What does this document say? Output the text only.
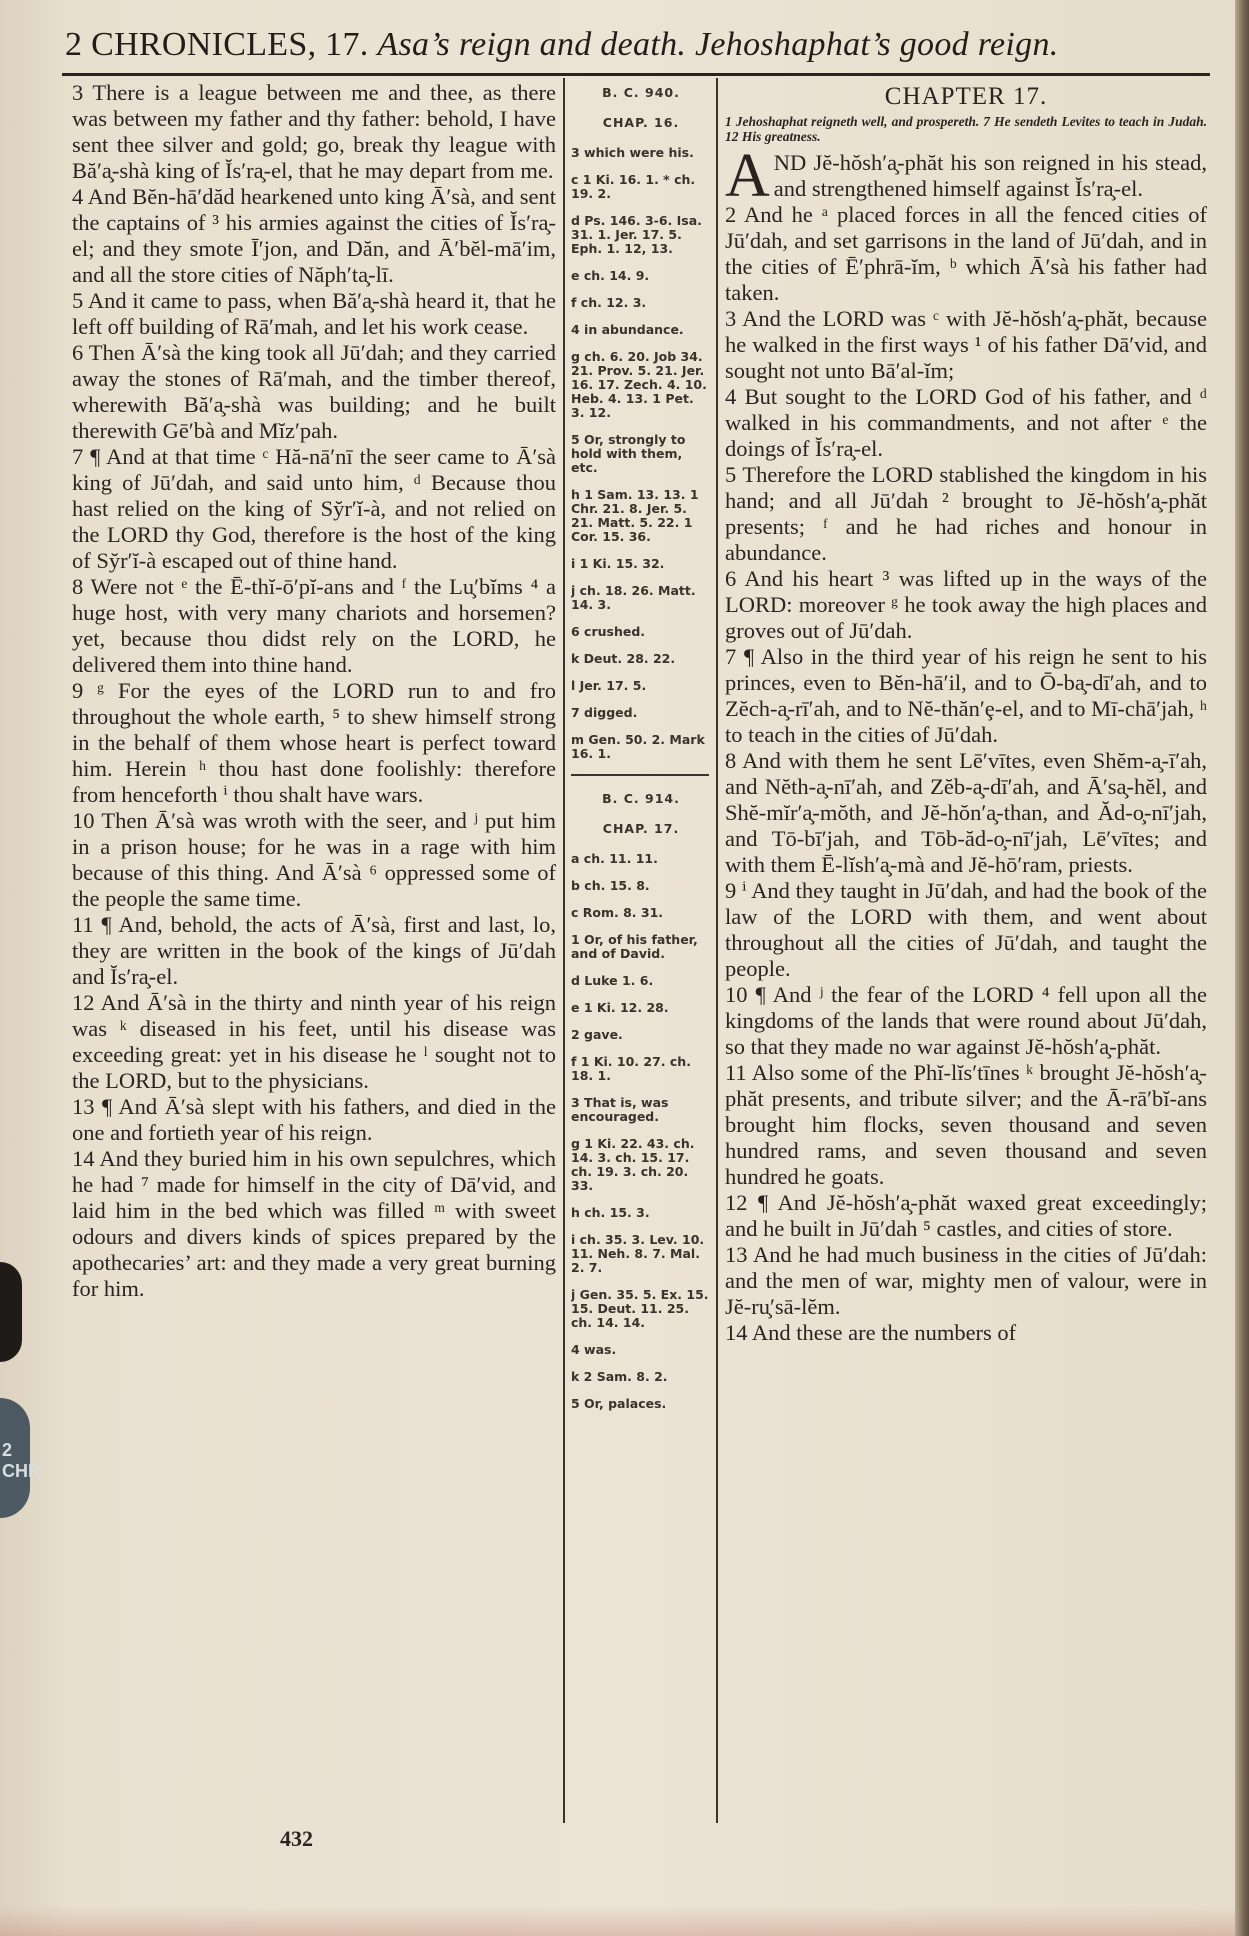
2 CHRONICLES, 17. Asa’s reign and death. Jehoshaphat’s good reign.
3 There is a league between me and thee, as there was between my father and thy father: behold, I have sent thee silver and gold; go, break thy league with Bă′a̧-shà king of Ĭs′ra̧-el, that he may depart from me.
4 And Bĕn-hā′dăd hearkened unto king Ā′sà, and sent the captains of ³ his armies against the cities of Ĭs′ra̧-el; and they smote Ī′jon, and Dăn, and Ā′bĕl-mā′im, and all the store cities of Năph′ta̧-lī.
5 And it came to pass, when Bă′a̧-shà heard it, that he left off building of Rā′mah, and let his work cease.
6 Then Ā′sà the king took all Jū′dah; and they carried away the stones of Rā′mah, and the timber thereof, wherewith Bă′a̧-shà was building; and he built therewith Gē′bà and Mĭz′pah.
7 ¶ And at that time ᶜ Hă-nā′nī the seer came to Ā′sà king of Jū′dah, and said unto him, ᵈ Because thou hast relied on the king of Sy̆r′ĭ-à, and not relied on the LORD thy God, therefore is the host of the king of Sy̆r′ĭ-à escaped out of thine hand.
8 Were not ᵉ the Ē-thĭ-ō′pĭ-ans and ᶠ the Lu̧′bĭms ⁴ a huge host, with very many chariots and horsemen? yet, because thou didst rely on the LORD, he delivered them into thine hand.
9 ᵍ For the eyes of the LORD run to and fro throughout the whole earth, ⁵ to shew himself strong in the behalf of them whose heart is perfect toward him. Herein ʰ thou hast done foolishly: therefore from henceforth ⁱ thou shalt have wars.
10 Then Ā′sà was wroth with the seer, and ʲ put him in a prison house; for he was in a rage with him because of this thing. And Ā′sà ⁶ oppressed some of the people the same time.
11 ¶ And, behold, the acts of Ā′sà, first and last, lo, they are written in the book of the kings of Jū′dah and Ĭs′ra̧-el.
12 And Ā′sà in the thirty and ninth year of his reign was ᵏ diseased in his feet, until his disease was exceeding great: yet in his disease he ˡ sought not to the LORD, but to the physicians.
13 ¶ And Ā′sà slept with his fathers, and died in the one and fortieth year of his reign.
14 And they buried him in his own sepulchres, which he had ⁷ made for himself in the city of Dā′vid, and laid him in the bed which was filled ᵐ with sweet odours and divers kinds of spices prepared by the apothecaries’ art: and they made a very great burning for him.
B. C. 940.
CHAP. 16.
3 which were his.
c 1 Ki. 16. 1. * ch. 19. 2.
d Ps. 146. 3-6. Isa. 31. 1. Jer. 17. 5. Eph. 1. 12, 13.
e ch. 14. 9.
f ch. 12. 3.
4 in abundance.
g ch. 6. 20. Job 34. 21. Prov. 5. 21. Jer. 16. 17. Zech. 4. 10. Heb. 4. 13. 1 Pet. 3. 12.
5 Or, strongly to hold with them, etc.
h 1 Sam. 13. 13. 1 Chr. 21. 8. Jer. 5. 21. Matt. 5. 22. 1 Cor. 15. 36.
i 1 Ki. 15. 32.
j ch. 18. 26. Matt. 14. 3.
6 crushed.
k Deut. 28. 22.
l Jer. 17. 5.
7 digged.
m Gen. 50. 2. Mark 16. 1.
B. C. 914.
CHAP. 17.
a ch. 11. 11.
b ch. 15. 8.
c Rom. 8. 31.
1 Or, of his father, and of David.
d Luke 1. 6.
e 1 Ki. 12. 28.
2 gave.
f 1 Ki. 10. 27. ch. 18. 1.
3 That is, was encouraged.
g 1 Ki. 22. 43. ch. 14. 3. ch. 15. 17. ch. 19. 3. ch. 20. 33.
h ch. 15. 3.
i ch. 35. 3. Lev. 10. 11. Neh. 8. 7. Mal. 2. 7.
j Gen. 35. 5. Ex. 15. 15. Deut. 11. 25. ch. 14. 14.
4 was.
k 2 Sam. 8. 2.
5 Or, palaces.
CHAPTER 17.
1 Jehoshaphat reigneth well, and prospereth. 7 He sendeth Levites to teach in Judah. 12 His greatness.
AND Jĕ-hŏsh′a̧-phăt his son reigned in his stead, and strengthened himself against Ĭs′ra̧-el.
2 And he ᵃ placed forces in all the fenced cities of Jū′dah, and set garrisons in the land of Jū′dah, and in the cities of Ē′phrā-ĭm, ᵇ which Ā′sà his father had taken.
3 And the LORD was ᶜ with Jĕ-hŏsh′a̧-phăt, because he walked in the first ways ¹ of his father Dā′vid, and sought not unto Bā′al-ĭm;
4 But sought to the LORD God of his father, and ᵈ walked in his commandments, and not after ᵉ the doings of Ĭs′ra̧-el.
5 Therefore the LORD stablished the kingdom in his hand; and all Jū′dah ² brought to Jĕ-hŏsh′a̧-phăt presents; ᶠ and he had riches and honour in abundance.
6 And his heart ³ was lifted up in the ways of the LORD: moreover ᵍ he took away the high places and groves out of Jū′dah.
7 ¶ Also in the third year of his reign he sent to his princes, even to Bĕn-hā′il, and to Ō-ba̧-dī′ah, and to Zĕch-a̧-rī′ah, and to Nĕ-thăn′ȩ-el, and to Mī-chā′jah, ʰ to teach in the cities of Jū′dah.
8 And with them he sent Lē′vītes, even Shĕm-a̧-ī′ah, and Nĕth-a̧-nī′ah, and Zĕb-a̧-dī′ah, and Ā′sa̧-hĕl, and Shĕ-mĭr′a̧-mŏth, and Jĕ-hŏn′a̧-than, and Ăd-o̧-nī′jah, and Tō-bī′jah, and Tōb-ăd-o̧-nī′jah, Lē′vītes; and with them Ē-lĭsh′a̧-mà and Jĕ-hō′ram, priests.
9 ⁱ And they taught in Jū′dah, and had the book of the law of the LORD with them, and went about throughout all the cities of Jū′dah, and taught the people.
10 ¶ And ʲ the fear of the LORD ⁴ fell upon all the kingdoms of the lands that were round about Jū′dah, so that they made no war against Jĕ-hŏsh′a̧-phăt.
11 Also some of the Phĭ-lĭs′tīnes ᵏ brought Jĕ-hŏsh′a̧-phăt presents, and tribute silver; and the Ā-rā′bĭ-ans brought him flocks, seven thousand and seven hundred rams, and seven thousand and seven hundred he goats.
12 ¶ And Jĕ-hŏsh′a̧-phăt waxed great exceedingly; and he built in Jū′dah ⁵ castles, and cities of store.
13 And he had much business in the cities of Jū′dah: and the men of war, mighty men of valour, were in Jĕ-ru̧′sā-lĕm.
14 And these are the numbers of
432
2 CHR
